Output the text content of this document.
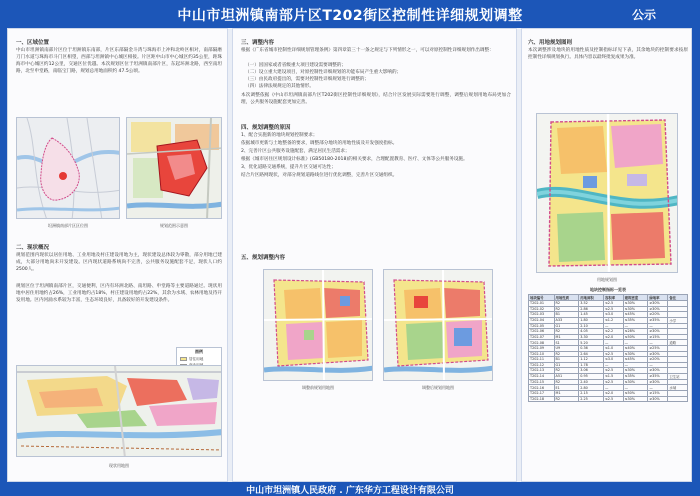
中山市坦洲镇南部片区T202街区控制性详细规划调整	公示
一、区域位置
中山市坦洲镇南部片区位于坦洲镇东南部，片区东部隔金斗湾与珠海市上冲和北岭区相对，南部隔磨刀门水道与珠海市斗门区相望，西部与坦洲镇中心城区相接。片区距中山市中心城区约35公里，距珠海市中心城区约12公里，交通区位优越。本次规划区位于坦洲镇南部片区，东起环洲北路，西至南坦路，北至申堂路，南临宝门路，规划总用地面积约 47.5公顷。
坦洲镇南部片区区位图	规划范围示意图
二、现状概况
规划范围内现状以居住用地、工业用地及村庄建设用地为主，现状建设总体较为零散，部分用地已建成，大部分用地尚未开发建设。区内现状道路系统尚不完善，公共服务设施配套不足，现状人口约2500人。
规划区位于坦洲镇南部片区，交通便利，区内有环洲北路、南坦路、申堂路等主要道路通过。现状用地中居住用地约占26%，工业用地约占18%，村庄建设用地约占22%，其余为水域、农林用地及待开发用地。区内河涌水系较为丰富，生态环境良好，具备较好的开发建设条件。
图例
居住用地
现状用地图
三、调整内容
根据《广东省城市控制性详细规划管理条例》第四章第三十一条之规定与下列情形之一，可以对原控制性详细规划作出调整：
（一）因国家或者省级重大项目建设需要调整的；
（二）设立重大建设项目，对原控制性详细规划的功能布局产生重大影响的；
（三）由民政府提出的，需要对控制性详细规划进行调整的；
（四）法律法规规定的其他情形。
本次调整依据《中山市坦洲镇南部片区T202街区控制性详细规划》，结合片区发展实际需要进行调整，调整后规划用地布局更加合理，公共服务设施配套更加完善。
四、规划调整的原因
1、配合实施新的地块规划控制要求；
依据城市更新与土地整备的要求，调整部分地块的用地性质及开发强度指标。
2、完善片区公共服务设施配套，满足居民生活需求；
根据《城市居住区规划设计标准》(GB50180-2018)的相关要求，合理配置教育、医疗、文体等公共服务设施。
3、优化道路交通系统，提升片区交通可达性；
结合片区路网现状，对部分规划道路线位进行优化调整，完善片区交通组织。
五、规划调整内容
调整前规划用地图	调整后规划用地图
六、用地规划图则
本次调整涉及地块的用地性质及控制指标详见下表，其余地块的控制要求按原控制性详细规划执行。具体内容以最终批复成果为准。
用地规划图
地块控制指标一览表
地块编号	用地性质	用地面积	容积率	建筑密度	绿地率	备注
T202-01	R2	3.52	≤2.5	≤30%	≥30%	
T202-02	R2	2.86	≤2.5	≤30%	≥30%	
T202-03	B1	1.45	≤3.0	≤45%	≥20%	
T202-04	A33	1.80	≤1.2	≤35%	≥35%	小学
T202-05	G1	2.10	—	—	—	
T202-06	R2	4.05	≤2.2	≤28%	≥30%	
T202-07	M1	3.30	≤2.0	≤50%	≥15%	
T202-08	S1	5.20	—	—	—	道路
T202-09	U9	0.36	≤1.0	≤40%	≥25%	
T202-10	R2	2.64	≤2.5	≤30%	≥30%	
T202-11	B1	1.12	≤3.0	≤45%	≥20%	
T202-12	G1	1.78	—	—	—	
T202-13	R2	3.06	≤2.5	≤30%	≥30%	
T202-14	A51	0.95	≤1.5	≤35%	≥35%	卫生站
T202-15	R2	2.40	≤2.5	≤30%	≥30%	
T202-16	E1	2.80	—	—	—	水域
T202-17	M1	2.15	≤2.0	≤50%	≥15%	
T202-18	R2	2.25	≤2.5	≤30%	≥30%	
中山市坦洲镇人民政府 . 广东华方工程设计有限公司
